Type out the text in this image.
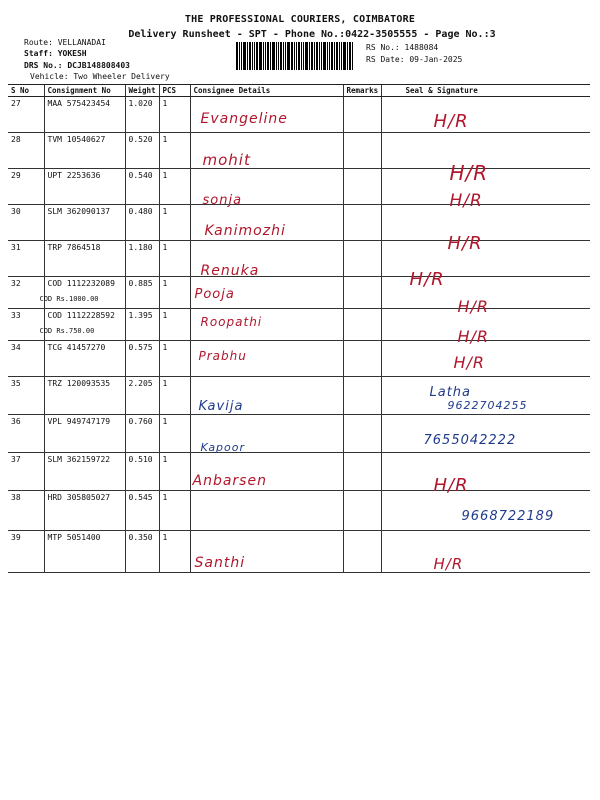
THE PROFESSIONAL COURIERS, COIMBATORE
Delivery Runsheet - SPT - Phone No.:0422-3505555 - Page No.:3
Route: VELLANADAI
Staff: YOKESH
DRS No.: DCJB148808403
Vehicle: Two Wheeler Delivery
RS No.: 1488084
RS Date: 09-Jan-2025
S No	Consignment No	Weight	PCS	Consignee Details	Remarks	Seal & Signature
27	MAA 575423454	1.020	1	Evangeline		H/R

28	TVM 10540627	0.520	1	mohit		H/R

29	UPT 2253636	0.540	1	sonja		H/R

30	SLM 362090137	0.480	1	Kanimozhi		H/R

31	TRP 7864518	1.180	1	Renuka		H/R

32	COD 1112232089
COD Rs.1000.00	0.885	1	Pooja		H/R

33	COD 1112228592
COD Rs.750.00	1.395	1	Roopathi		H/R

34	TCG 41457270	0.575	1	Prabhu		H/R

35	TRZ 120093535	2.205	1	Kavija		Latha
9622704255

36	VPL 949747179	0.760	1	Kapoor		7655042222

37	SLM 362159722	0.510	1	Anbarsen		H/R

38	HRD 305805027	0.545	1			9668722189

39	MTP 5051400	0.350	1	Santhi		H/R
